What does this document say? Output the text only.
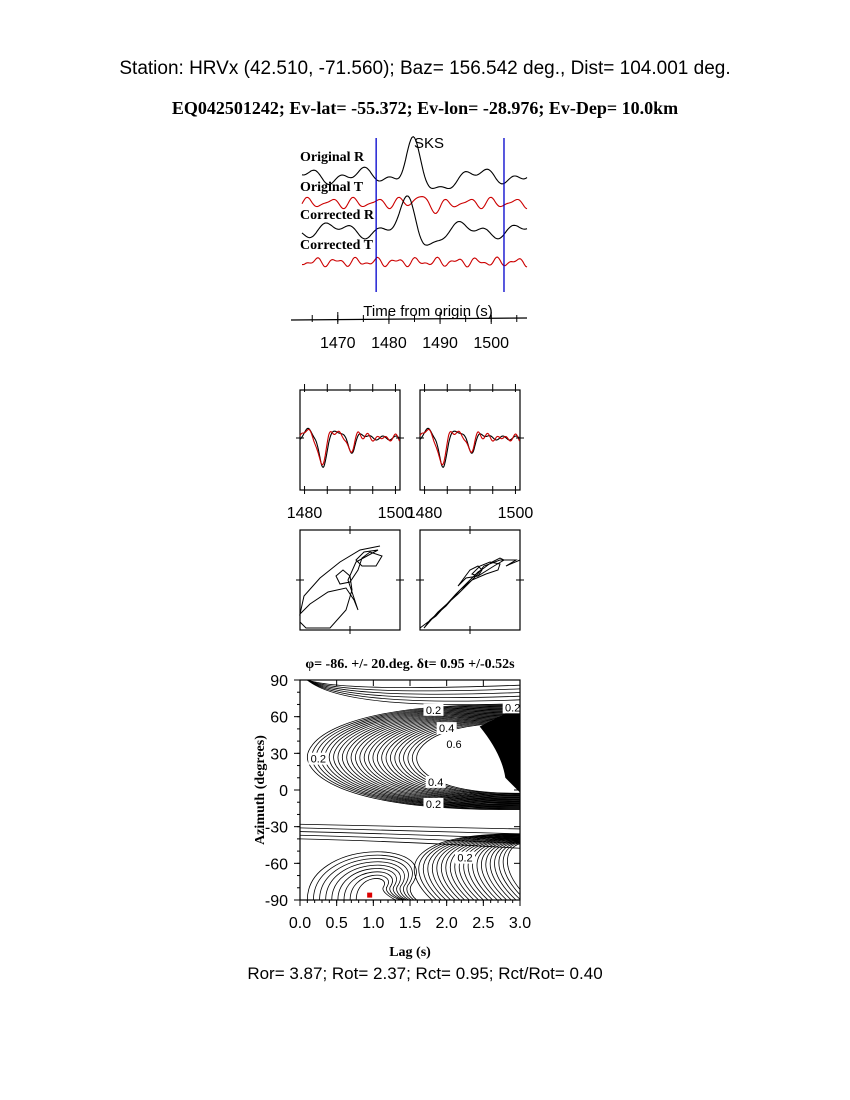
Station: HRVx (42.510, -71.560); Baz= 156.542 deg., Dist= 104.001 deg.
EQ042501242; Ev-lat= -55.372; Ev-lon= -28.976; Ev-Dep= 10.0km
Original R
Original T
Corrected R
Corrected T
SKS
Time from origin (s)
1470 1480 1490 1500
1480	1500
1480	1500
φ= -86. +/- 20.deg. δt= 0.95 +/-0.52s
0.2
0.4
0.6
0.2
0.4
0.2
0.2
0.2
0.0 0.5 1.0 1.5 2.0 2.5 3.0
90
60
30
0
-30
-60
-90
Lag (s)
Azimuth (degrees)
Ror= 3.87; Rot= 2.37; Rct= 0.95; Rct/Rot= 0.40
